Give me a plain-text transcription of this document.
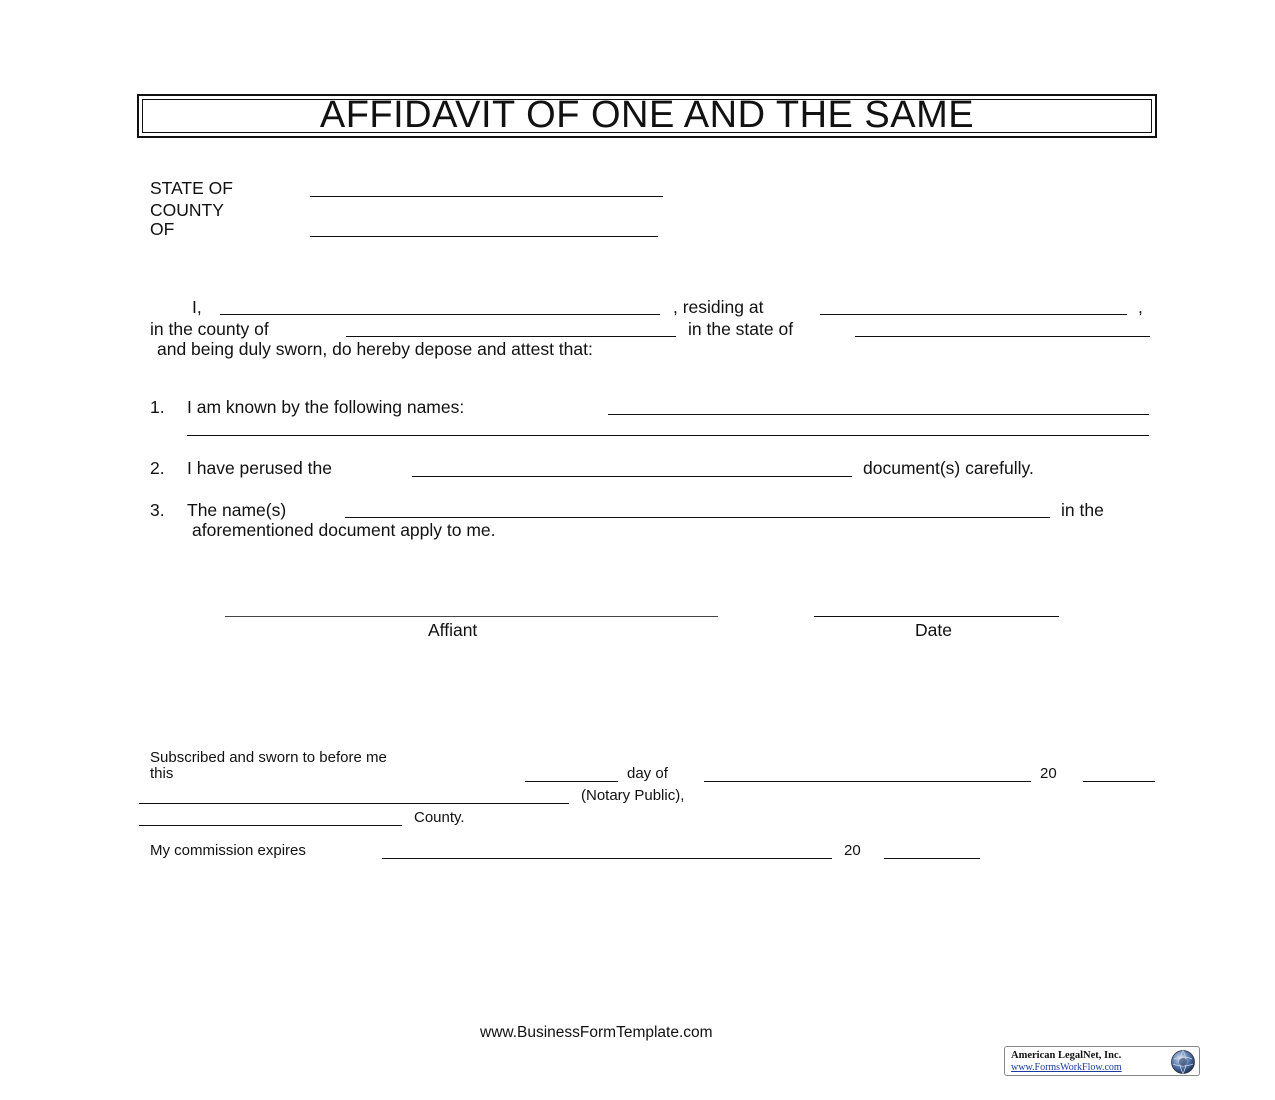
AFFIDAVIT OF ONE AND THE SAME
STATE OF
COUNTY
OF
I,	, residing at	,
in the county of	in the state of
and being duly sworn, do hereby depose and attest that:
1. I am known by the following names:
2. I have perused the	document(s) carefully.
3. The name(s)	in the
aforementioned document apply to me.
Affiant	Date
Subscribed and sworn to before me
this	day of	20
(Notary Public),
County.
My commission expires	20
www.BusinessFormTemplate.com
American LegalNet, Inc.
www.FormsWorkFlow.com
